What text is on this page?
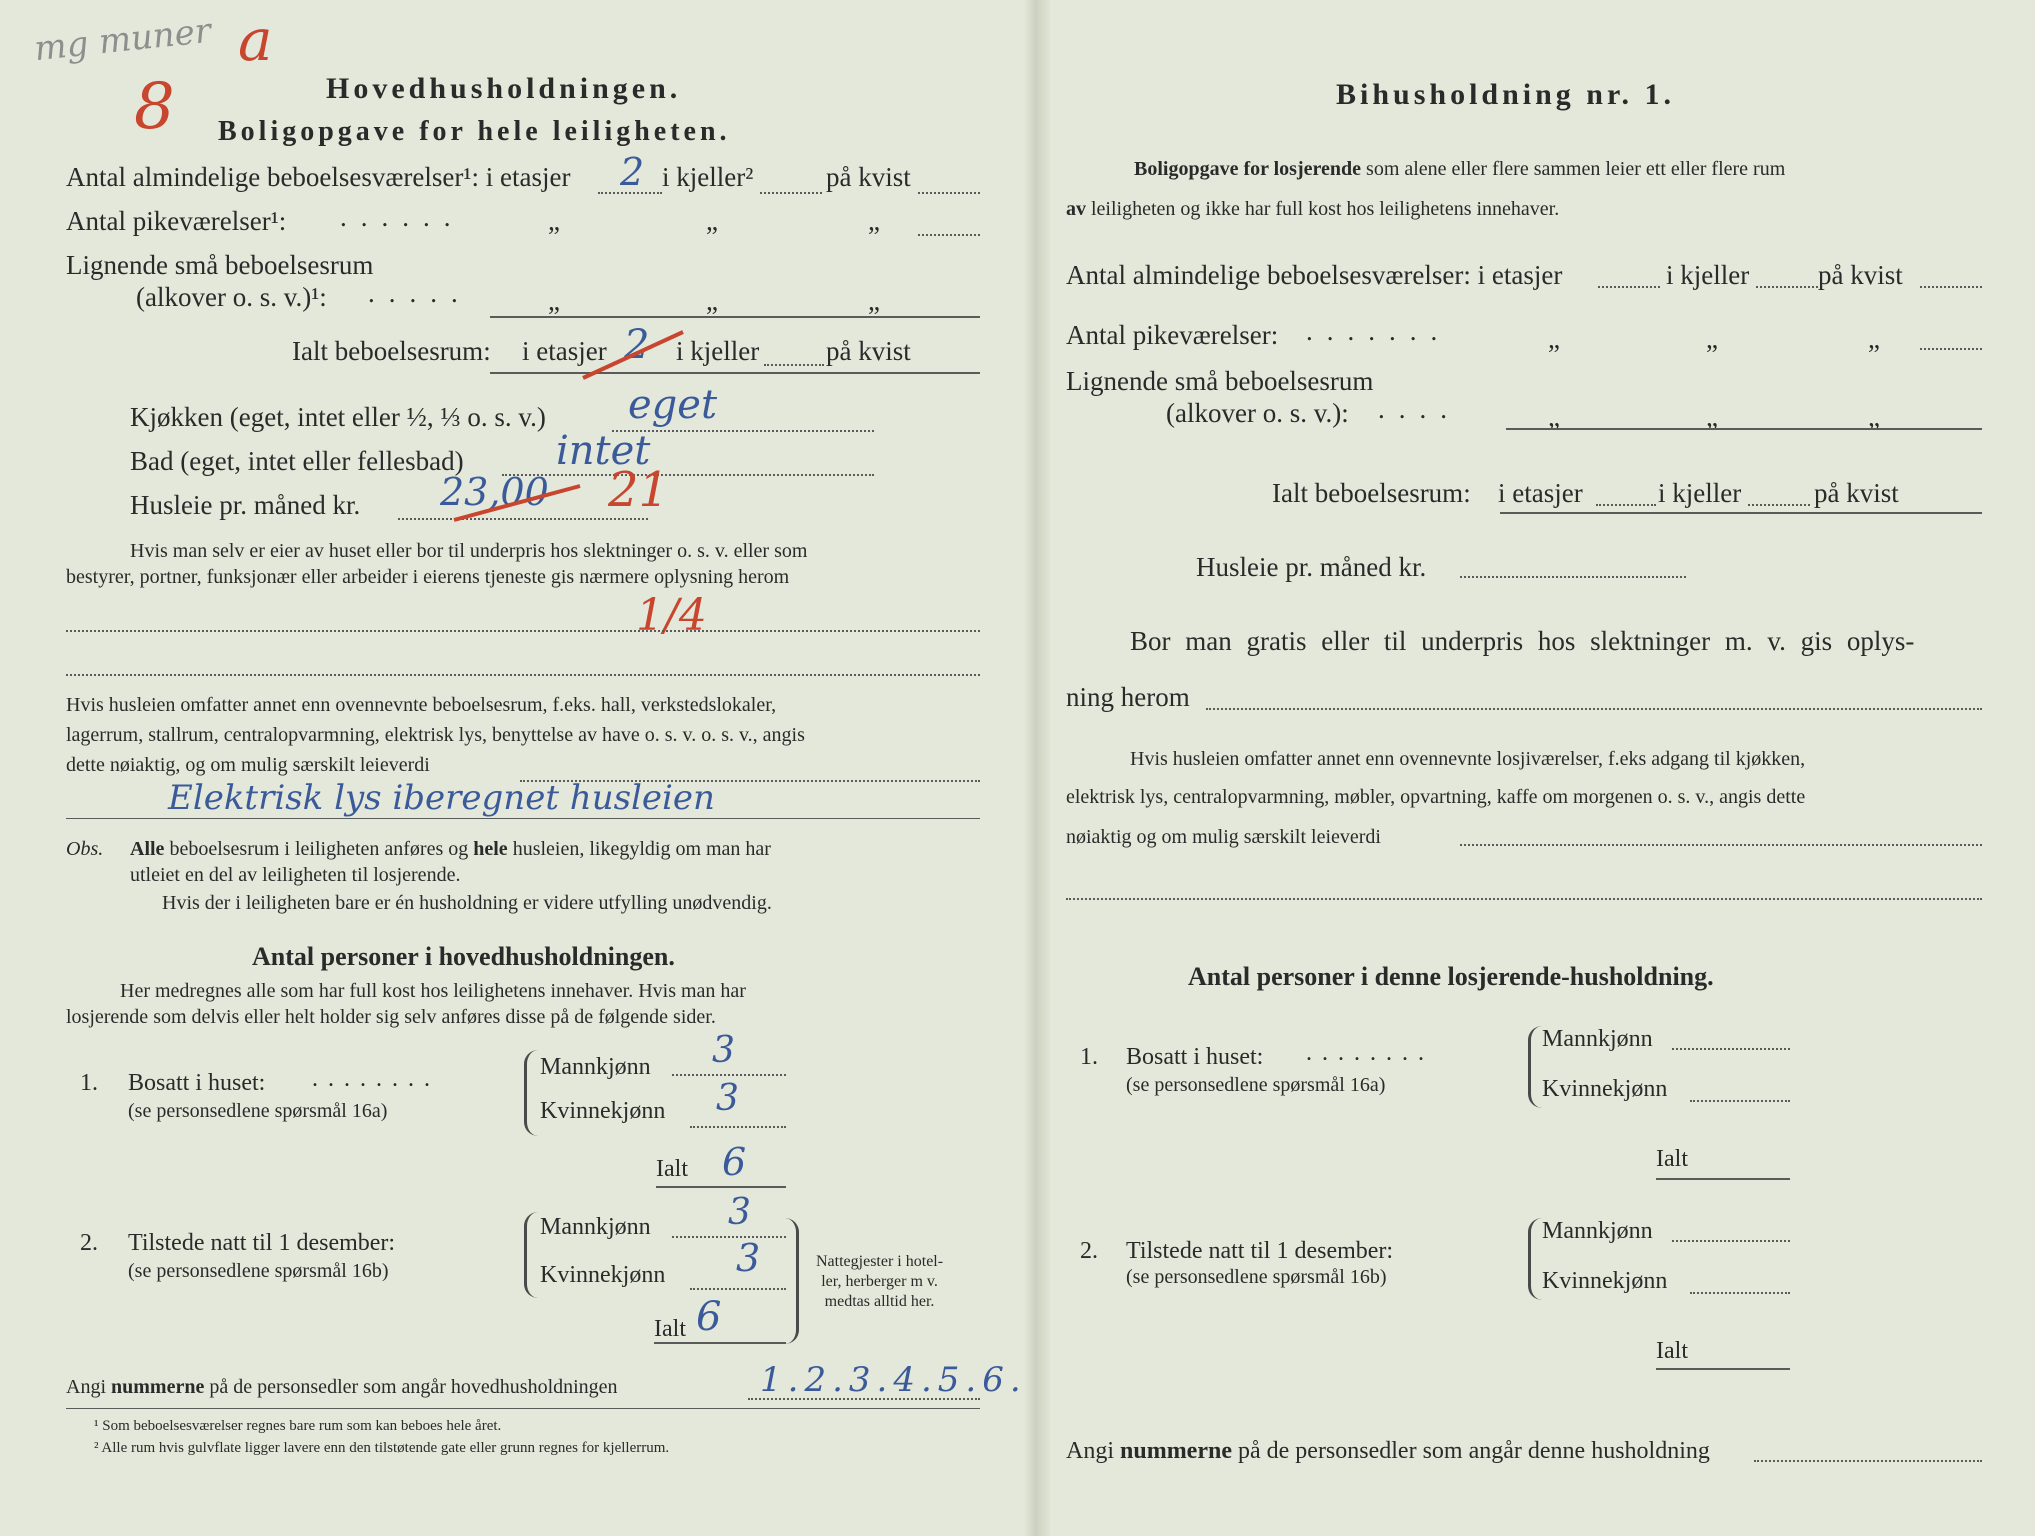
mg muner a
8	Hovedhusholdningen.
Boligopgave for hele leiligheten.
Antal almindelige beboelsesværelser¹: i etasjer 2 i kjeller²	på kvist
Antal pikeværelser¹: ......	„	„	„
Lignende små beboelsesrum
(alkover o. s. v.)¹: .....	„	„	„
Ialt beboelsesrum: i etasjer 2 i kjeller på kvist
Kjøkken (eget, intet eller ½, ⅓ o. s. v.) eget
Bad (eget, intet eller fellesbad) intet
Husleie pr. måned kr. 23,00 21
Hvis man selv er eier av huset eller bor til underpris hos slektninger o. s. v. eller som
bestyrer, portner, funksjonær eller arbeider i eierens tjeneste gis nærmere oplysning herom
1/4
Hvis husleien omfatter annet enn ovennevnte beboelsesrum, f.eks. hall, verkstedslokaler,
lagerrum, stallrum, centralopvarmning, elektrisk lys, benyttelse av have o. s. v. o. s. v., angis
dette nøiaktig, og om mulig særskilt leieverdi
Elektrisk lys iberegnet husleien
Obs. Alle beboelsesrum i leiligheten anføres og hele husleien, likegyldig om man har
utleiet en del av leiligheten til losjerende.
Hvis der i leiligheten bare er én husholdning er videre utfylling unødvendig.
Antal personer i hovedhusholdningen.
Her medregnes alle som har full kost hos leilighetens innehaver. Hvis man har
losjerende som delvis eller helt holder sig selv anføres disse på de følgende sider.
1. Bosatt i huset: ........
(se personsedlene spørsmål 16a)
Mannkjønn 3
Kvinnekjønn 3
Ialt 6
2. Tilstede natt til 1 desember:
(se personsedlene spørsmål 16b)
Mannkjønn 3
Kvinnekjønn 3
Ialt 6
Nattegjester i hotel-
ler, herberger m v.
medtas alltid her.
Angi nummerne på de personsedler som angår hovedhusholdningen	1.2.3.4.5.6.
¹ Som beboelsesværelser regnes bare rum som kan beboes hele året.
² Alle rum hvis gulvflate ligger lavere enn den tilstøtende gate eller grunn regnes for kjellerrum.
Bihusholdning nr. 1.
Boligopgave for losjerende som alene eller flere sammen leier ett eller flere rum
av leiligheten og ikke har full kost hos leilighetens innehaver.
Antal almindelige beboelsesværelser: i etasjer	i kjeller	på kvist
Antal pikeværelser: .......	„	„	„
Lignende små beboelsesrum
(alkover o. s. v.): ....	„	„	„
Ialt beboelsesrum: i etasjer	i kjeller	på kvist
Husleie pr. måned kr.
Bor man gratis eller til underpris hos slektninger m. v. gis oplys-
ning herom
Hvis husleien omfatter annet enn ovennevnte losjiværelser, f.eks adgang til kjøkken,
elektrisk lys, centralopvarmning, møbler, opvartning, kaffe om morgenen o. s. v., angis dette
nøiaktig og om mulig særskilt leieverdi
Antal personer i denne losjerende-husholdning.
1. Bosatt i huset: ........
(se personsedlene spørsmål 16a)
Mannkjønn
Kvinnekjønn
Ialt
2. Tilstede natt til 1 desember:
(se personsedlene spørsmål 16b)
Mannkjønn
Kvinnekjønn
Ialt
Angi nummerne på de personsedler som angår denne husholdning
